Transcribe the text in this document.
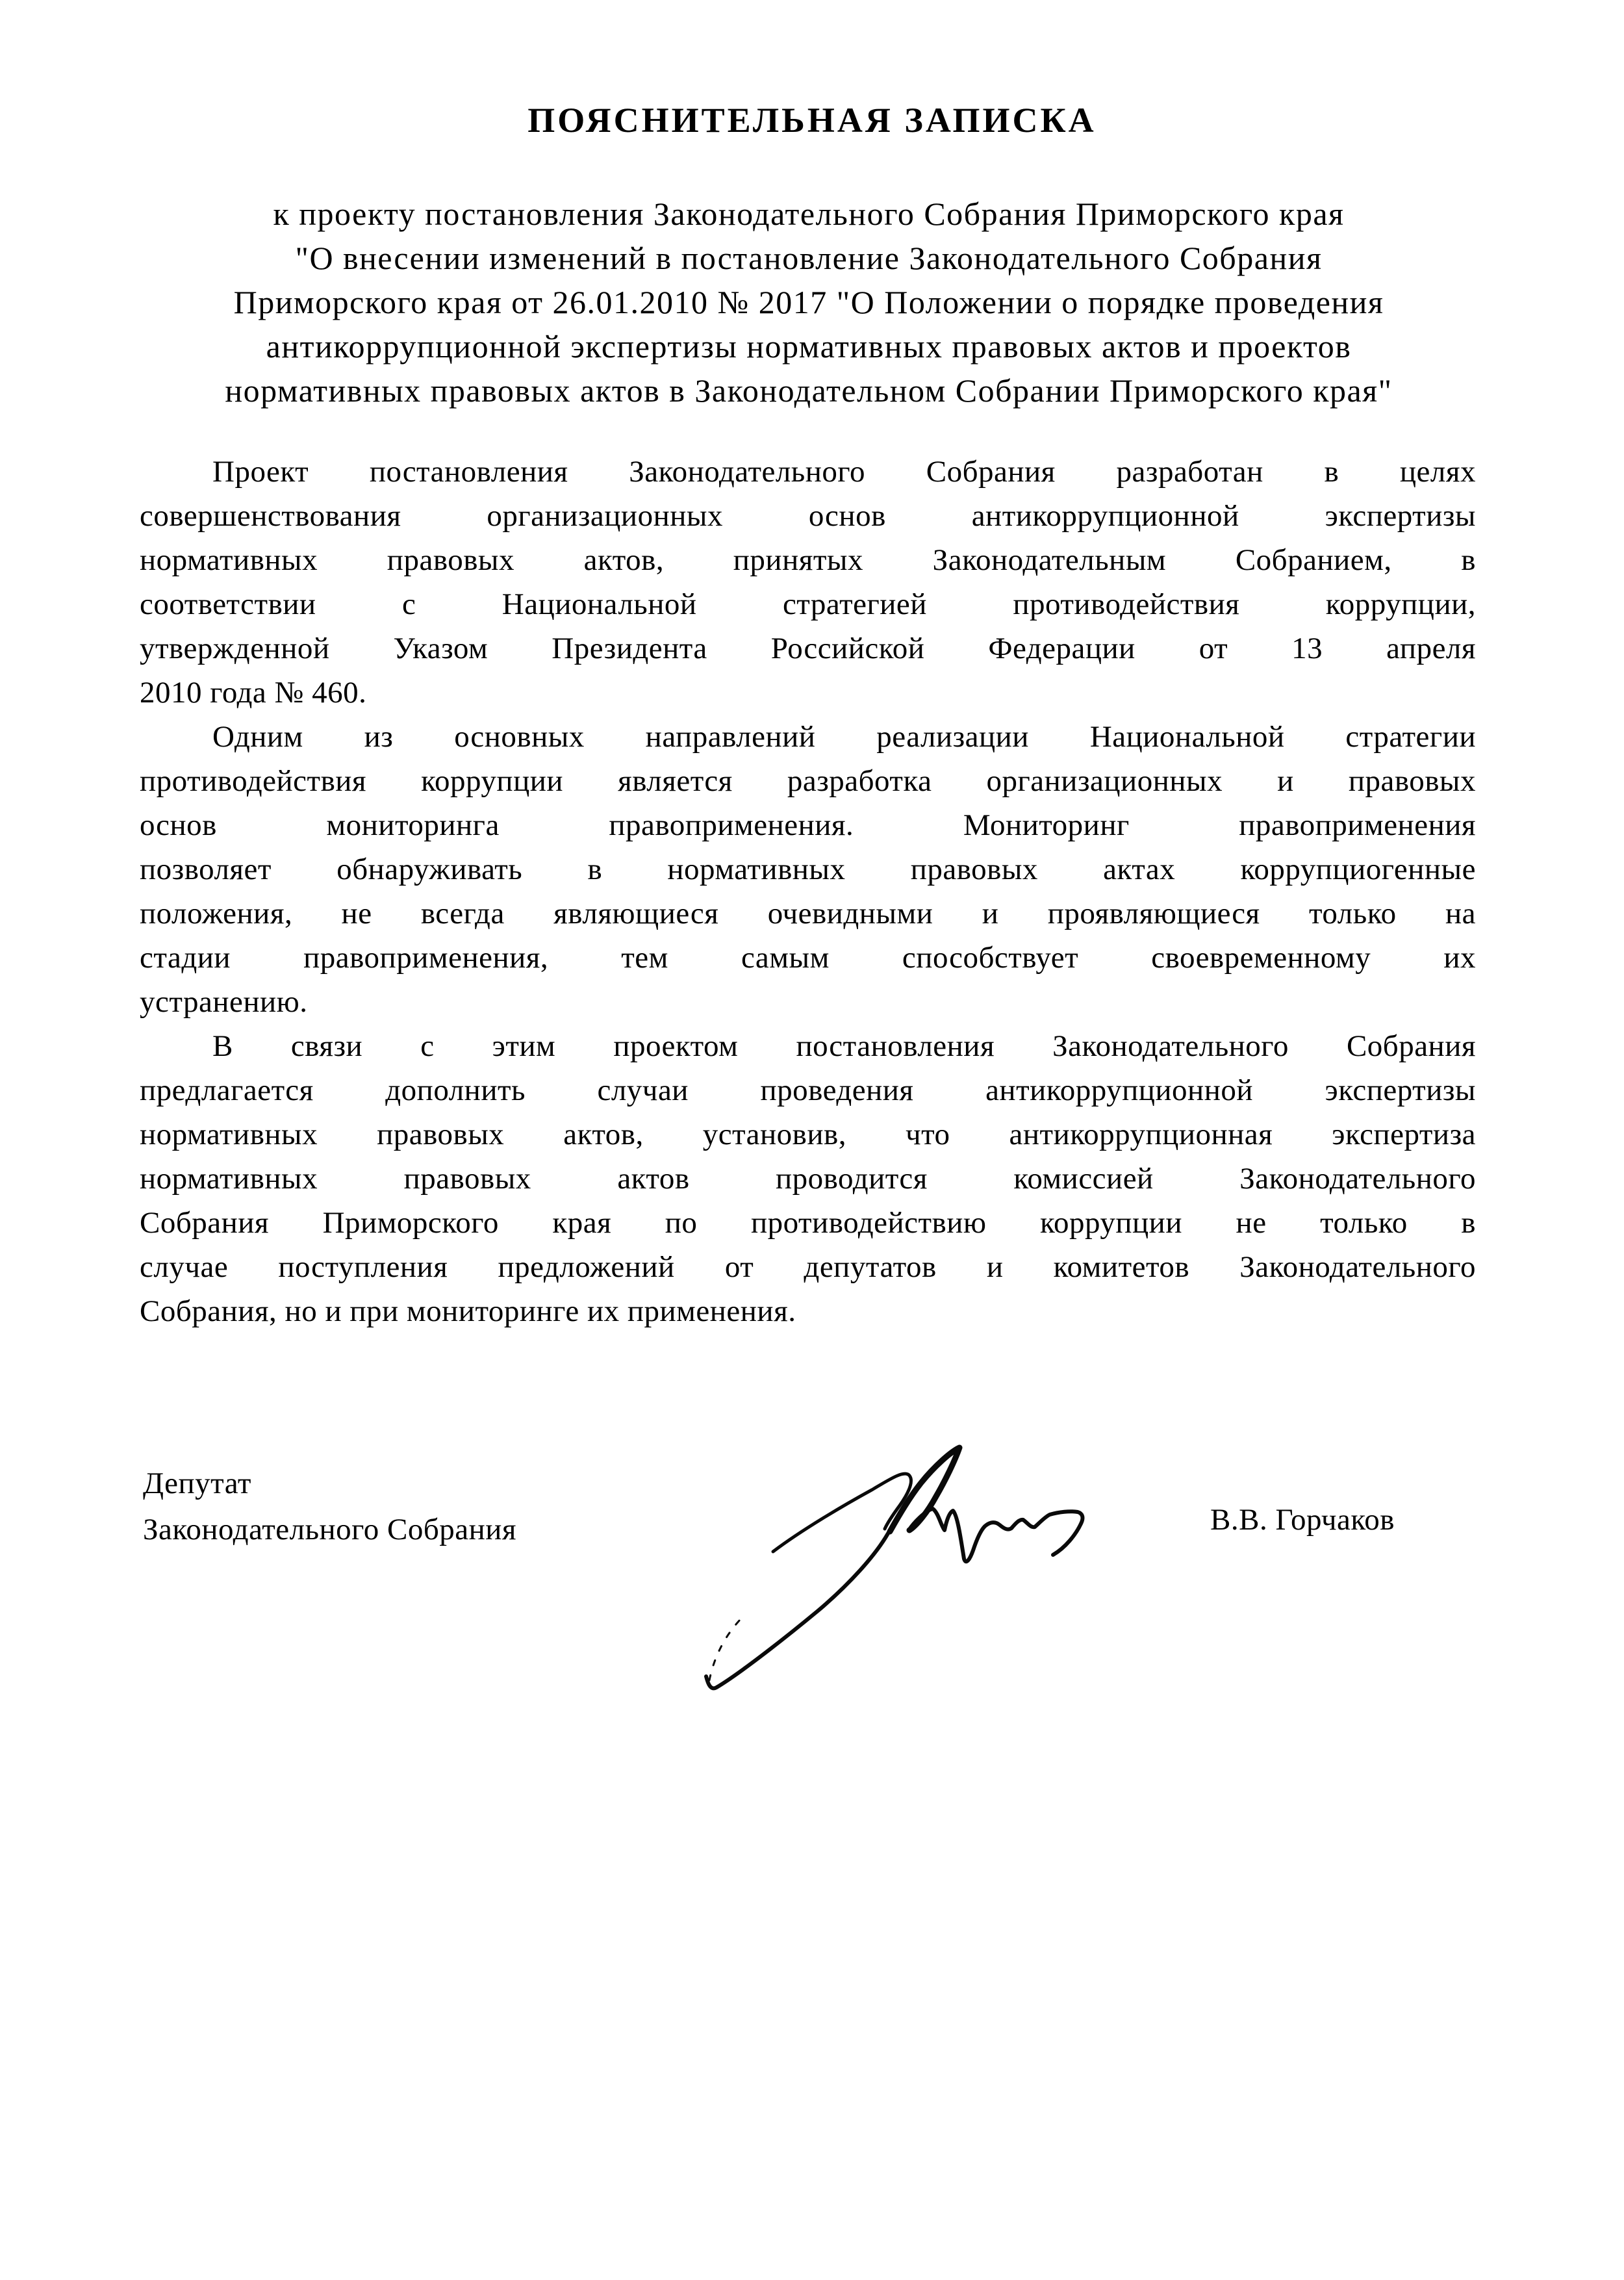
ПОЯСНИТЕЛЬНАЯ ЗАПИСКА
к проекту постановления Законодательного Собрания Приморского края
"О внесении изменений в постановление Законодательного Собрания
Приморского края от 26.01.2010 № 2017 "О Положении о порядке проведения
антикоррупционной экспертизы нормативных правовых актов и проектов
нормативных правовых актов в Законодательном Собрании Приморского края"
Проект постановления Законодательного Собрания разработан в целях
совершенствования организационных основ антикоррупционной экспертизы
нормативных правовых актов, принятых Законодательным Собранием, в
соответствии с Национальной стратегией противодействия коррупции,
утвержденной Указом Президента Российской Федерации от 13 апреля
2010 года № 460.
Одним из основных направлений реализации Национальной стратегии
противодействия коррупции является разработка организационных и правовых
основ мониторинга правоприменения. Мониторинг правоприменения
позволяет обнаруживать в нормативных правовых актах коррупциогенные
положения, не всегда являющиеся очевидными и проявляющиеся только на
стадии правоприменения, тем самым способствует своевременному их
устранению.
В связи с этим проектом постановления Законодательного Собрания
предлагается дополнить случаи проведения антикоррупционной экспертизы
нормативных правовых актов, установив, что антикоррупционная экспертиза
нормативных правовых актов проводится комиссией Законодательного
Собрания Приморского края по противодействию коррупции не только в
случае поступления предложений от депутатов и комитетов Законодательного
Собрания, но и при мониторинге их применения.
Депутат
Законодательного Собрания	В.В. Горчаков
